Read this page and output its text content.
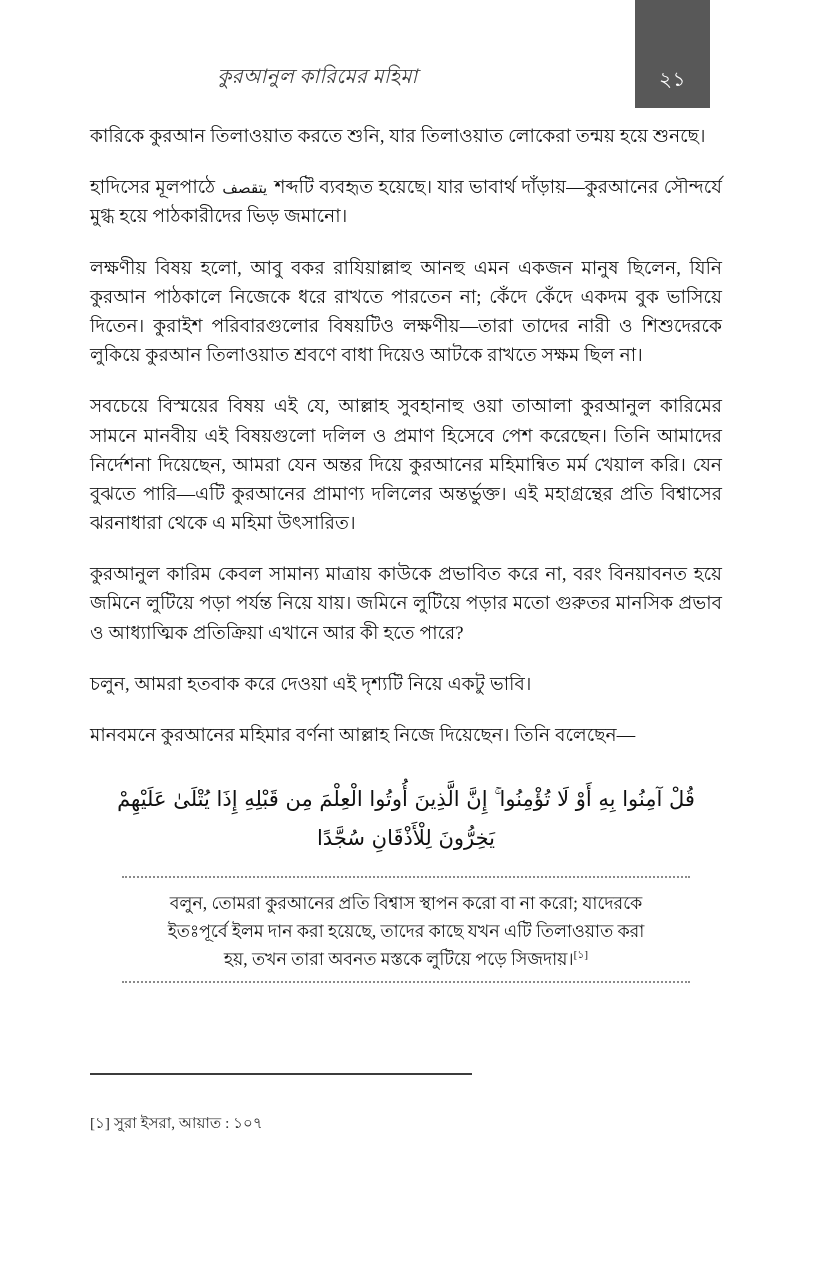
২১
কুরআনুল কারিমের মহিমা

কারিকে কুরআন তিলাওয়াত করতে শুনি, যার তিলাওয়াত লোকেরা তন্ময় হয়ে শুনছে।

হাদিসের মূলপাঠে يتقصف শব্দটি ব্যবহৃত হয়েছে। যার ভাবার্থ দাঁড়ায়—কুরআনের সৌন্দর্যে মুগ্ধ হয়ে পাঠকারীদের ভিড় জমানো।

লক্ষণীয় বিষয় হলো, আবু বকর রাযিয়াল্লাহু আনহু এমন একজন মানুষ ছিলেন, যিনি কুরআন পাঠকালে নিজেকে ধরে রাখতে পারতেন না; কেঁদে কেঁদে একদম বুক ভাসিয়ে দিতেন। কুরাইশ পরিবারগুলোর বিষয়টিও লক্ষণীয়—তারা তাদের নারী ও শিশুদেরকে লুকিয়ে কুরআন তিলাওয়াত শ্রবণে বাধা দিয়েও আটকে রাখতে সক্ষম ছিল না।

সবচেয়ে বিস্ময়ের বিষয় এই যে, আল্লাহ সুবহানাহু ওয়া তাআলা কুরআনুল কারিমের সামনে মানবীয় এই বিষয়গুলো দলিল ও প্রমাণ হিসেবে পেশ করেছেন। তিনি আমাদের নির্দেশনা দিয়েছেন, আমরা যেন অন্তর দিয়ে কুরআনের মহিমান্বিত মর্ম খেয়াল করি। যেন বুঝতে পারি—এটি কুরআনের প্রামাণ্য দলিলের অন্তর্ভুক্ত। এই মহাগ্রন্থের প্রতি বিশ্বাসের ঝরনাধারা থেকে এ মহিমা উৎসারিত।

কুরআনুল কারিম কেবল সামান্য মাত্রায় কাউকে প্রভাবিত করে না, বরং বিনয়াবনত হয়ে জমিনে লুটিয়ে পড়া পর্যন্ত নিয়ে যায়। জমিনে লুটিয়ে পড়ার মতো গুরুতর মানসিক প্রভাব ও আধ্যাত্মিক প্রতিক্রিয়া এখানে আর কী হতে পারে?

চলুন, আমরা হতবাক করে দেওয়া এই দৃশ্যটি নিয়ে একটু ভাবি।

মানবমনে কুরআনের মহিমার বর্ণনা আল্লাহ নিজে দিয়েছেন। তিনি বলেছেন—

قُلْ آمِنُوا بِهِ أَوْ لَا تُؤْمِنُوا ۚ إِنَّ الَّذِينَ أُوتُوا الْعِلْمَ مِن قَبْلِهِ إِذَا يُتْلَىٰ عَلَيْهِمْ
يَخِرُّونَ لِلْأَذْقَانِ سُجَّدًا
বলুন, তোমরা কুরআনের প্রতি বিশ্বাস স্থাপন করো বা না করো; যাদেরকে
ইতঃপূর্বে ইলম দান করা হয়েছে, তাদের কাছে যখন এটি তিলাওয়াত করা
হয়, তখন তারা অবনত মস্তকে লুটিয়ে পড়ে সিজদায়।[১]
[১] সুরা ইসরা, আয়াত : ১০৭
